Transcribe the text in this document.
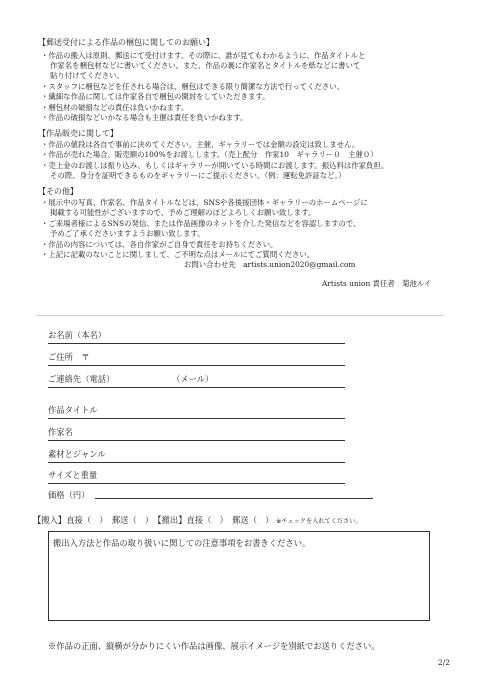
【郵送受付による作品の梱包に関してのお願い】
・作品の搬入は原則、郵送にて受付けます。その際に、誰が見てもわかるように、作品タイトルと
作家名を梱包材などに書いてください。また、作品の裏に作家名とタイトルを紙などに書いて
貼り付けてください。
・スタッフに梱包などを任される場合は、梱包はできる限り簡潔な方法で行ってください。
・繊細な作品に関しては作家各自で梱包の開封をしていただきます。
・梱包材の破損などの責任は負いかねます。
・作品の破損などいかなる場合も主催は責任を負いかねます。
【作品販売に関して】
・作品の値段は各自で事前に決めてください。主催、ギャラリーでは金額の設定は致しません。
・作品が売れた場合、販売額の100%をお渡しします。（売上配分　作家10　ギャラリー０　主催０）
・売上金のお渡しは振り込み、もしくはギャラリーが開いている時間にお渡します。振込料は作家負担。
その際、身分を証明できるものをギャラリーにご提示ください。（例：運転免許証など。）
【その他】
・展示中の写真、作家名、作品タイトルなどは、SNSや各後援団体・ギャラリーのホームページに
掲載する可能性がございますので、予めご理解のほどよろしくお願い致します。
・ご来場者様によるSNSの発信、または作品画像のネットを介した発信などを容認しますので、
予めご了承くださいますようお願い致します。
・作品の内容については、各自作家がご自身で責任をお持ちください。
・上記に記載のないことに関しまして、ご不明な点はメールにてご質問ください。
お問い合わせ先　artists.union2020@gmail.com
Artists union 責任者　菊池ルイ
お名前（本名）
ご住所　〒
ご連絡先（電話）	（メール）
作品タイトル
作家名
素材とジャンル
サイズと重量
価格（円）
【搬入】直接（　）　郵送（　）　【搬出】直接（　）　郵送（　） ※チェックを入れてください。
搬出入方法と作品の取り扱いに関しての注意事項をお書きください。
※作品の正面、縦横が分かりにくい作品は画像、展示イメージを別紙でお送りください。
2/2
